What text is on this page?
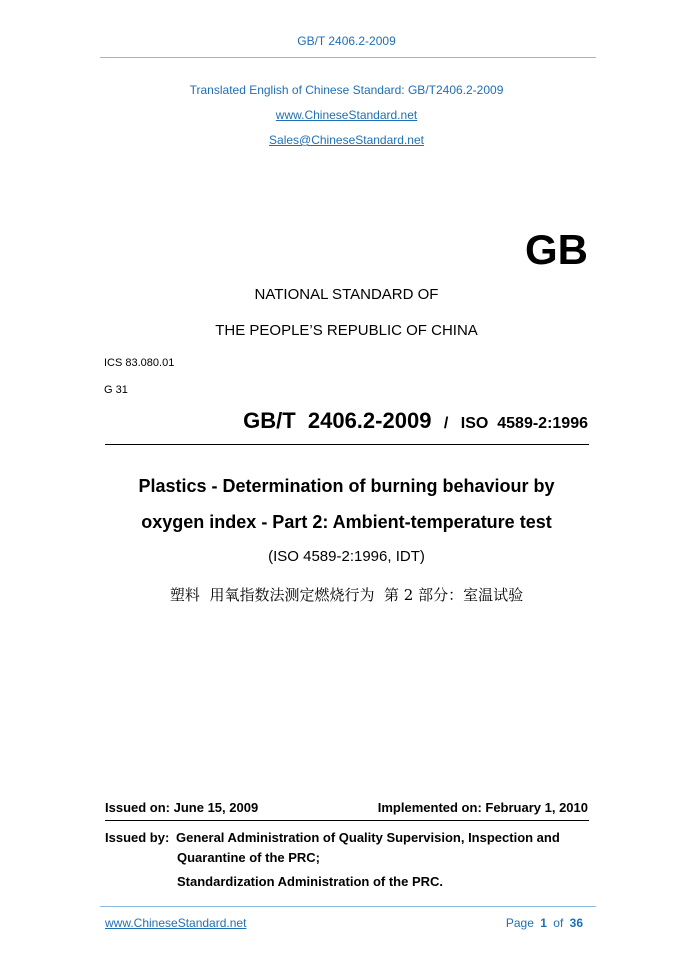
GB/T 2406.2-2009
Translated English of Chinese Standard: GB/T2406.2-2009
www.ChineseStandard.net
Sales@ChineseStandard.net
GB
NATIONAL STANDARD OF
THE PEOPLE’S REPUBLIC OF CHINA
ICS 83.080.01
G 31
GB/T  2406.2-2009 / ISO  4589-2:1996
Plastics - Determination of burning behaviour by
oxygen index - Part 2: Ambient-temperature test
(ISO 4589-2:1996, IDT)
塑料  用氧指数法测定燃烧行为  第 2 部分：室温试验
Issued on: June 15, 2009	Implemented on: February 1, 2010
Issued by: General Administration of Quality Supervision, Inspection and
Quarantine of the PRC;
Standardization Administration of the PRC.
www.ChineseStandard.net	Page 1 of 36
